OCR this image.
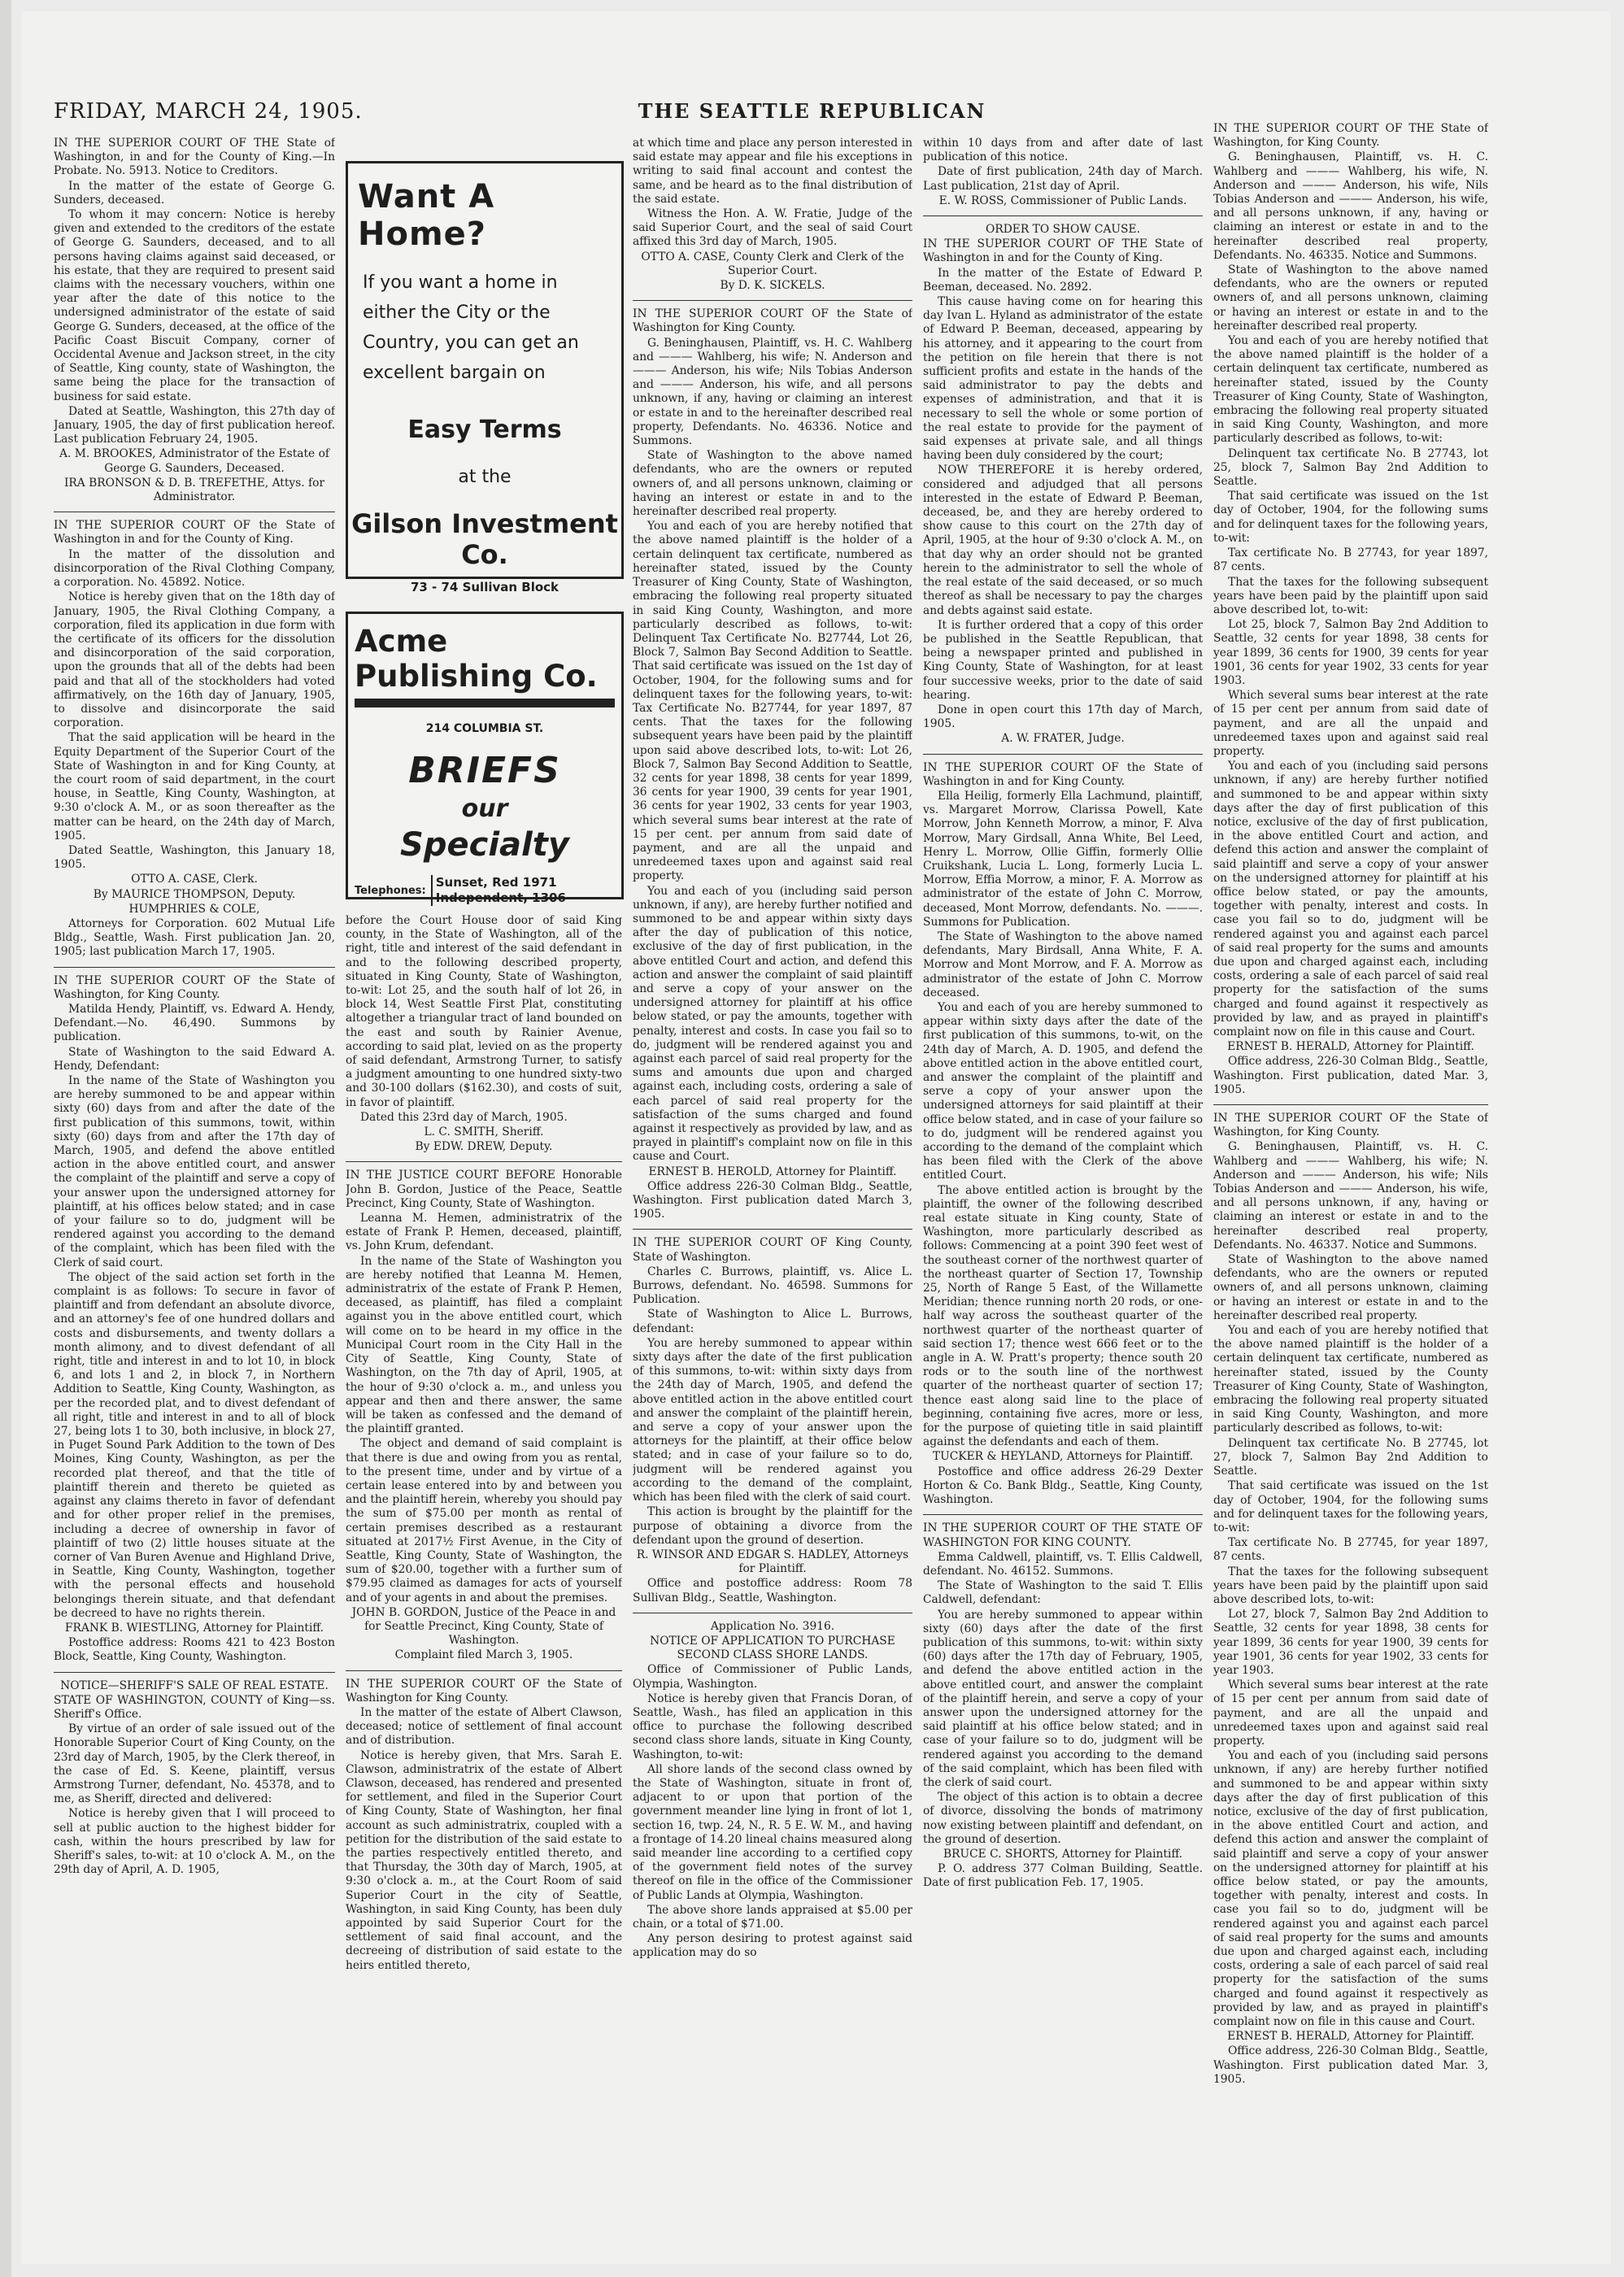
FRIDAY, MARCH 24, 1905.	THE SEATTLE REPUBLICAN

IN THE SUPERIOR COURT OF THE State of Washington, in and for the County of King.—In Probate. No. 5913. Notice to Creditors.

In the matter of the estate of George G. Sunders, deceased.

To whom it may concern: Notice is hereby given and extended to the creditors of the estate of George G. Saunders, deceased, and to all persons having claims against said deceased, or his estate, that they are required to present said claims with the necessary vouchers, within one year after the date of this notice to the undersigned administrator of the estate of said George G. Sunders, deceased, at the office of the Pacific Coast Biscuit Company, corner of Occidental Avenue and Jackson street, in the city of Seattle, King county, state of Washington, the same being the place for the transaction of business for said estate.

Dated at Seattle, Washington, this 27th day of January, 1905, the day of first publication hereof. Last publication February 24, 1905.

A. M. BROOKES, Administrator of the Estate of George G. Saunders, Deceased.

IRA BRONSON & D. B. TREFETHE, Attys. for Administrator.

IN THE SUPERIOR COURT OF the State of Washington in and for the County of King.

In the matter of the dissolution and disincorporation of the Rival Clothing Company, a corporation. No. 45892. Notice.

Notice is hereby given that on the 18th day of January, 1905, the Rival Clothing Company, a corporation, filed its application in due form with the certificate of its officers for the dissolution and disincorporation of the said corporation, upon the grounds that all of the debts had been paid and that all of the stockholders had voted affirmatively, on the 16th day of January, 1905, to dissolve and disincorporate the said corporation.

That the said application will be heard in the Equity Department of the Superior Court of the State of Washington in and for King County, at the court room of said department, in the court house, in Seattle, King County, Washington, at 9:30 o'clock A. M., or as soon thereafter as the matter can be heard, on the 24th day of March, 1905.

Dated Seattle, Washington, this January 18, 1905.

OTTO A. CASE, Clerk.

By MAURICE THOMPSON, Deputy.

HUMPHRIES & COLE,

Attorneys for Corporation. 602 Mutual Life Bldg., Seattle, Wash. First publication Jan. 20, 1905; last publication March 17, 1905.

IN THE SUPERIOR COURT OF the State of Washington, for King County.

Matilda Hendy, Plaintiff, vs. Edward A. Hendy, Defendant.—No. 46,490. Summons by publication.

State of Washington to the said Edward A. Hendy, Defendant:

In the name of the State of Washington you are hereby summoned to be and appear within sixty (60) days from and after the date of the first publication of this summons, towit, within sixty (60) days from and after the 17th day of March, 1905, and defend the above entitled action in the above entitled court, and answer the complaint of the plaintiff and serve a copy of your answer upon the undersigned attorney for plaintiff, at his offices below stated; and in case of your failure so to do, judgment will be rendered against you according to the demand of the complaint, which has been filed with the Clerk of said court.

The object of the said action set forth in the complaint is as follows: To secure in favor of plaintiff and from defendant an absolute divorce, and an attorney's fee of one hundred dollars and costs and disbursements, and twenty dollars a month alimony, and to divest defendant of all right, title and interest in and to lot 10, in block 6, and lots 1 and 2, in block 7, in Northern Addition to Seattle, King County, Washington, as per the recorded plat, and to divest defendant of all right, title and interest in and to all of block 27, being lots 1 to 30, both inclusive, in block 27, in Puget Sound Park Addition to the town of Des Moines, King County, Washington, as per the recorded plat thereof, and that the title of plaintiff therein and thereto be quieted as against any claims thereto in favor of defendant and for other proper relief in the premises, including a decree of ownership in favor of plaintiff of two (2) little houses situate at the corner of Van Buren Avenue and Highland Drive, in Seattle, King County, Washington, together with the personal effects and household belongings therein situate, and that defendant be decreed to have no rights therein.

FRANK B. WIESTLING, Attorney for Plaintiff.

Postoffice address: Rooms 421 to 423 Boston Block, Seattle, King County, Washington.

NOTICE—SHERIFF'S SALE OF REAL ESTATE.

STATE OF WASHINGTON, COUNTY of King—ss. Sheriff's Office.

By virtue of an order of sale issued out of the Honorable Superior Court of King County, on the 23rd day of March, 1905, by the Clerk thereof, in the case of Ed. S. Keene, plaintiff, versus Armstrong Turner, defendant, No. 45378, and to me, as Sheriff, directed and delivered:

Notice is hereby given that I will proceed to sell at public auction to the highest bidder for cash, within the hours prescribed by law for Sheriff's sales, to-wit: at 10 o'clock A. M., on the 29th day of April, A. D. 1905,

Want A Home?
If you want a home in either the City or the Country, you can get an excellent bargain on
Easy Terms
at the
Gilson Investment Co.
73 - 74 Sullivan Block
Acme Publishing Co.
214 COLUMBIA ST.
BRIEFS
our
Specialty
Telephones:
Sunset, Red 1971
Independent, 1306

before the Court House door of said King county, in the State of Washington, all of the right, title and interest of the said defendant in and to the following described property, situated in King County, State of Washington, to-wit: Lot 25, and the south half of lot 26, in block 14, West Seattle First Plat, constituting altogether a triangular tract of land bounded on the east and south by Rainier Avenue, according to said plat, levied on as the property of said defendant, Armstrong Turner, to satisfy a judgment amounting to one hundred sixty-two and 30-100 dollars ($162.30), and costs of suit, in favor of plaintiff.

Dated this 23rd day of March, 1905.

L. C. SMITH, Sheriff.

By EDW. DREW, Deputy.

IN THE JUSTICE COURT BEFORE Honorable John B. Gordon, Justice of the Peace, Seattle Precinct, King County, State of Washington.

Leanna M. Hemen, administratrix of the estate of Frank P. Hemen, deceased, plaintiff, vs. John Krum, defendant.

In the name of the State of Washington you are hereby notified that Leanna M. Hemen, administratrix of the estate of Frank P. Hemen, deceased, as plaintiff, has filed a complaint against you in the above entitled court, which will come on to be heard in my office in the Municipal Court room in the City Hall in the City of Seattle, King County, State of Washington, on the 7th day of April, 1905, at the hour of 9:30 o'clock a. m., and unless you appear and then and there answer, the same will be taken as confessed and the demand of the plaintiff granted.

The object and demand of said complaint is that there is due and owing from you as rental, to the present time, under and by virtue of a certain lease entered into by and between you and the plaintiff herein, whereby you should pay the sum of $75.00 per month as rental of certain premises described as a restaurant situated at 2017½ First Avenue, in the City of Seattle, King County, State of Washington, the sum of $20.00, together with a further sum of $79.95 claimed as damages for acts of yourself and of your agents in and about the premises.

JOHN B. GORDON, Justice of the Peace in and for Seattle Precinct, King County, State of Washington.

Complaint filed March 3, 1905.

IN THE SUPERIOR COURT OF the State of Washington for King County.

In the matter of the estate of Albert Clawson, deceased; notice of settlement of final account and of distribution.

Notice is hereby given, that Mrs. Sarah E. Clawson, administratrix of the estate of Albert Clawson, deceased, has rendered and presented for settlement, and filed in the Superior Court of King County, State of Washington, her final account as such administratrix, coupled with a petition for the distribution of the said estate to the parties respectively entitled thereto, and that Thursday, the 30th day of March, 1905, at 9:30 o'clock a. m., at the Court Room of said Superior Court in the city of Seattle, Washington, in said King County, has been duly appointed by said Superior Court for the settlement of said final account, and the decreeing of distribution of said estate to the heirs entitled thereto,

at which time and place any person interested in said estate may appear and file his exceptions in writing to said final account and contest the same, and be heard as to the final distribution of the said estate.

Witness the Hon. A. W. Fratie, Judge of the said Superior Court, and the seal of said Court affixed this 3rd day of March, 1905.

OTTO A. CASE, County Clerk and Clerk of the Superior Court.

By D. K. SICKELS.

IN THE SUPERIOR COURT OF the State of Washington for King County.

G. Beninghausen, Plaintiff, vs. H. C. Wahlberg and ——— Wahlberg, his wife; N. Anderson and ——— Anderson, his wife; Nils Tobias Anderson and ——— Anderson, his wife, and all persons unknown, if any, having or claiming an interest or estate in and to the hereinafter described real property, Defendants. No. 46336. Notice and Summons.

State of Washington to the above named defendants, who are the owners or reputed owners of, and all persons unknown, claiming or having an interest or estate in and to the hereinafter described real property.

You and each of you are hereby notified that the above named plaintiff is the holder of a certain delinquent tax certificate, numbered as hereinafter stated, issued by the County Treasurer of King County, State of Washington, embracing the following real property situated in said King County, Washington, and more particularly described as follows, to-wit: Delinquent Tax Certificate No. B27744, Lot 26, Block 7, Salmon Bay Second Addition to Seattle. That said certificate was issued on the 1st day of October, 1904, for the following sums and for delinquent taxes for the following years, to-wit: Tax Certificate No. B27744, for year 1897, 87 cents. That the taxes for the following subsequent years have been paid by the plaintiff upon said above described lots, to-wit: Lot 26, Block 7, Salmon Bay Second Addition to Seattle, 32 cents for year 1898, 38 cents for year 1899, 36 cents for year 1900, 39 cents for year 1901, 36 cents for year 1902, 33 cents for year 1903, which several sums bear interest at the rate of 15 per cent. per annum from said date of payment, and are all the unpaid and unredeemed taxes upon and against said real property.

You and each of you (including said person unknown, if any), are hereby further notified and summoned to be and appear within sixty days after the day of publication of this notice, exclusive of the day of first publication, in the above entitled Court and action, and defend this action and answer the complaint of said plaintiff and serve a copy of your answer on the undersigned attorney for plaintiff at his office below stated, or pay the amounts, together with penalty, interest and costs. In case you fail so to do, judgment will be rendered against you and against each parcel of said real property for the sums and amounts due upon and charged against each, including costs, ordering a sale of each parcel of said real property for the satisfaction of the sums charged and found against it respectively as provided by law, and as prayed in plaintiff's complaint now on file in this cause and Court.

ERNEST B. HEROLD, Attorney for Plaintiff.

Office address 226-30 Colman Bldg., Seattle, Washington. First publication dated March 3, 1905.

IN THE SUPERIOR COURT OF King County, State of Washington.

Charles C. Burrows, plaintiff, vs. Alice L. Burrows, defendant. No. 46598. Summons for Publication.

State of Washington to Alice L. Burrows, defendant:

You are hereby summoned to appear within sixty days after the date of the first publication of this summons, to-wit: within sixty days from the 24th day of March, 1905, and defend the above entitled action in the above entitled court and answer the complaint of the plaintiff herein, and serve a copy of your answer upon the attorneys for the plaintiff, at their office below stated; and in case of your failure so to do, judgment will be rendered against you according to the demand of the complaint, which has been filed with the clerk of said court.

This action is brought by the plaintiff for the purpose of obtaining a divorce from the defendant upon the ground of desertion.

R. WINSOR AND EDGAR S. HADLEY, Attorneys for Plaintiff.

Office and postoffice address: Room 78 Sullivan Bldg., Seattle, Washington.

Application No. 3916.

NOTICE OF APPLICATION TO PURCHASE SECOND CLASS SHORE LANDS.

Office of Commissioner of Public Lands, Olympia, Washington.

Notice is hereby given that Francis Doran, of Seattle, Wash., has filed an application in this office to purchase the following described second class shore lands, situate in King County, Washington, to-wit:

All shore lands of the second class owned by the State of Washington, situate in front of, adjacent to or upon that portion of the government meander line lying in front of lot 1, section 16, twp. 24, N., R. 5 E. W. M., and having a frontage of 14.20 lineal chains measured along said meander line according to a certified copy of the government field notes of the survey thereof on file in the office of the Commissioner of Public Lands at Olympia, Washington.

The above shore lands appraised at $5.00 per chain, or a total of $71.00.

Any person desiring to protest against said application may do so

within 10 days from and after date of last publication of this notice.

Date of first publication, 24th day of March. Last publication, 21st day of April.

E. W. ROSS, Commissioner of Public Lands.

ORDER TO SHOW CAUSE.

IN THE SUPERIOR COURT OF THE State of Washington in and for the County of King.

In the matter of the Estate of Edward P. Beeman, deceased. No. 2892.

This cause having come on for hearing this day Ivan L. Hyland as administrator of the estate of Edward P. Beeman, deceased, appearing by his attorney, and it appearing to the court from the petition on file herein that there is not sufficient profits and estate in the hands of the said administrator to pay the debts and expenses of administration, and that it is necessary to sell the whole or some portion of the real estate to provide for the payment of said expenses at private sale, and all things having been duly considered by the court;

NOW THEREFORE it is hereby ordered, considered and adjudged that all persons interested in the estate of Edward P. Beeman, deceased, be, and they are hereby ordered to show cause to this court on the 27th day of April, 1905, at the hour of 9:30 o'clock A. M., on that day why an order should not be granted herein to the administrator to sell the whole of the real estate of the said deceased, or so much thereof as shall be necessary to pay the charges and debts against said estate.

It is further ordered that a copy of this order be published in the Seattle Republican, that being a newspaper printed and published in King County, State of Washington, for at least four successive weeks, prior to the date of said hearing.

Done in open court this 17th day of March, 1905.

A. W. FRATER, Judge.

IN THE SUPERIOR COURT OF the State of Washington in and for King County.

Ella Heilig, formerly Ella Lachmund, plaintiff, vs. Margaret Morrow, Clarissa Powell, Kate Morrow, John Kenneth Morrow, a minor, F. Alva Morrow, Mary Girdsall, Anna White, Bel Leed, Henry L. Morrow, Ollie Giffin, formerly Ollie Cruikshank, Lucia L. Long, formerly Lucia L. Morrow, Effia Morrow, a minor, F. A. Morrow as administrator of the estate of John C. Morrow, deceased, Mont Morrow, defendants. No. ———. Summons for Publication.

The State of Washington to the above named defendants, Mary Birdsall, Anna White, F. A. Morrow and Mont Morrow, and F. A. Morrow as administrator of the estate of John C. Morrow deceased.

You and each of you are hereby summoned to appear within sixty days after the date of the first publication of this summons, to-wit, on the 24th day of March, A. D. 1905, and defend the above entitled action in the above entitled court, and answer the complaint of the plaintiff and serve a copy of your answer upon the undersigned attorneys for said plaintiff at their office below stated, and in case of your failure so to do, judgment will be rendered against you according to the demand of the complaint which has been filed with the Clerk of the above entitled Court.

The above entitled action is brought by the plaintiff, the owner of the following described real estate situate in King county, State of Washington, more particularly described as follows: Commencing at a point 390 feet west of the southeast corner of the northwest quarter of the northeast quarter of Section 17, Township 25, North of Range 5 East, of the Willamette Meridian; thence running north 20 rods, or one-half way across the southeast quarter of the northwest quarter of the northeast quarter of said section 17; thence west 666 feet or to the angle in A. W. Pratt's property; thence south 20 rods or to the south line of the northwest quarter of the northeast quarter of section 17; thence east along said line to the place of beginning, containing five acres, more or less, for the purpose of quieting title in said plaintiff against the defendants and each of them.

TUCKER & HEYLAND, Attorneys for Plaintiff.

Postoffice and office address 26-29 Dexter Horton & Co. Bank Bldg., Seattle, King County, Washington.

IN THE SUPERIOR COURT OF THE STATE OF WASHINGTON FOR KING COUNTY.

Emma Caldwell, plaintiff, vs. T. Ellis Caldwell, defendant. No. 46152. Summons.

The State of Washington to the said T. Ellis Caldwell, defendant:

You are hereby summoned to appear within sixty (60) days after the date of the first publication of this summons, to-wit: within sixty (60) days after the 17th day of February, 1905, and defend the above entitled action in the above entitled court, and answer the complaint of the plaintiff herein, and serve a copy of your answer upon the undersigned attorney for the said plaintiff at his office below stated; and in case of your failure so to do, judgment will be rendered against you according to the demand of the said complaint, which has been filed with the clerk of said court.

The object of this action is to obtain a decree of divorce, dissolving the bonds of matrimony now existing between plaintiff and defendant, on the ground of desertion.

BRUCE C. SHORTS, Attorney for Plaintiff.

P. O. address 377 Colman Building, Seattle. Date of first publication Feb. 17, 1905.

IN THE SUPERIOR COURT OF THE State of Washington, for King County.

G. Beninghausen, Plaintiff, vs. H. C. Wahlberg and ——— Wahlberg, his wife, N. Anderson and ——— Anderson, his wife, Nils Tobias Anderson and ——— Anderson, his wife, and all persons unknown, if any, having or claiming an interest or estate in and to the hereinafter described real property, Defendants. No. 46335. Notice and Summons.

State of Washington to the above named defendants, who are the owners or reputed owners of, and all persons unknown, claiming or having an interest or estate in and to the hereinafter described real property.

You and each of you are hereby notified that the above named plaintiff is the holder of a certain delinquent tax certificate, numbered as hereinafter stated, issued by the County Treasurer of King County, State of Washington, embracing the following real property situated in said King County, Washington, and more particularly described as follows, to-wit:

Delinquent tax certificate No. B 27743, lot 25, block 7, Salmon Bay 2nd Addition to Seattle.

That said certificate was issued on the 1st day of October, 1904, for the following sums and for delinquent taxes for the following years, to-wit:

Tax certificate No. B 27743, for year 1897, 87 cents.

That the taxes for the following subsequent years have been paid by the plaintiff upon said above described lot, to-wit:

Lot 25, block 7, Salmon Bay 2nd Addition to Seattle, 32 cents for year 1898, 38 cents for year 1899, 36 cents for 1900, 39 cents for year 1901, 36 cents for year 1902, 33 cents for year 1903.

Which several sums bear interest at the rate of 15 per cent per annum from said date of payment, and are all the unpaid and unredeemed taxes upon and against said real property.

You and each of you (including said persons unknown, if any) are hereby further notified and summoned to be and appear within sixty days after the day of first publication of this notice, exclusive of the day of first publication, in the above entitled Court and action, and defend this action and answer the complaint of said plaintiff and serve a copy of your answer on the undersigned attorney for plaintiff at his office below stated, or pay the amounts, together with penalty, interest and costs. In case you fail so to do, judgment will be rendered against you and against each parcel of said real property for the sums and amounts due upon and charged against each, including costs, ordering a sale of each parcel of said real property for the satisfaction of the sums charged and found against it respectively as provided by law, and as prayed in plaintiff's complaint now on file in this cause and Court.

ERNEST B. HERALD, Attorney for Plaintiff.

Office address, 226-30 Colman Bldg., Seattle, Washington. First publication, dated Mar. 3, 1905.

IN THE SUPERIOR COURT OF the State of Washington, for King County.

G. Beninghausen, Plaintiff, vs. H. C. Wahlberg and ——— Wahlberg, his wife; N. Anderson and ——— Anderson, his wife; Nils Tobias Anderson and ——— Anderson, his wife, and all persons unknown, if any, having or claiming an interest or estate in and to the hereinafter described real property, Defendants. No. 46337. Notice and Summons.

State of Washington to the above named defendants, who are the owners or reputed owners of, and all persons unknown, claiming or having an interest or estate in and to the hereinafter described real property.

You and each of you are hereby notified that the above named plaintiff is the holder of a certain delinquent tax certificate, numbered as hereinafter stated, issued by the County Treasurer of King County, State of Washington, embracing the following real property situated in said King County, Washington, and more particularly described as follows, to-wit:

Delinquent tax certificate No. B 27745, lot 27, block 7, Salmon Bay 2nd Addition to Seattle.

That said certificate was issued on the 1st day of October, 1904, for the following sums and for delinquent taxes for the following years, to-wit:

Tax certificate No. B 27745, for year 1897, 87 cents.

That the taxes for the following subsequent years have been paid by the plaintiff upon said above described lots, to-wit:

Lot 27, block 7, Salmon Bay 2nd Addition to Seattle, 32 cents for year 1898, 38 cents for year 1899, 36 cents for year 1900, 39 cents for year 1901, 36 cents for year 1902, 33 cents for year 1903.

Which several sums bear interest at the rate of 15 per cent per annum from said date of payment, and are all the unpaid and unredeemed taxes upon and against said real property.

You and each of you (including said persons unknown, if any) are hereby further notified and summoned to be and appear within sixty days after the day of first publication of this notice, exclusive of the day of first publication, in the above entitled Court and action, and defend this action and answer the complaint of said plaintiff and serve a copy of your answer on the undersigned attorney for plaintiff at his office below stated, or pay the amounts, together with penalty, interest and costs. In case you fail so to do, judgment will be rendered against you and against each parcel of said real property for the sums and amounts due upon and charged against each, including costs, ordering a sale of each parcel of said real property for the satisfaction of the sums charged and found against it respectively as provided by law, and as prayed in plaintiff's complaint now on file in this cause and Court.

ERNEST B. HERALD, Attorney for Plaintiff.

Office address, 226-30 Colman Bldg., Seattle, Washington. First publication dated Mar. 3, 1905.
